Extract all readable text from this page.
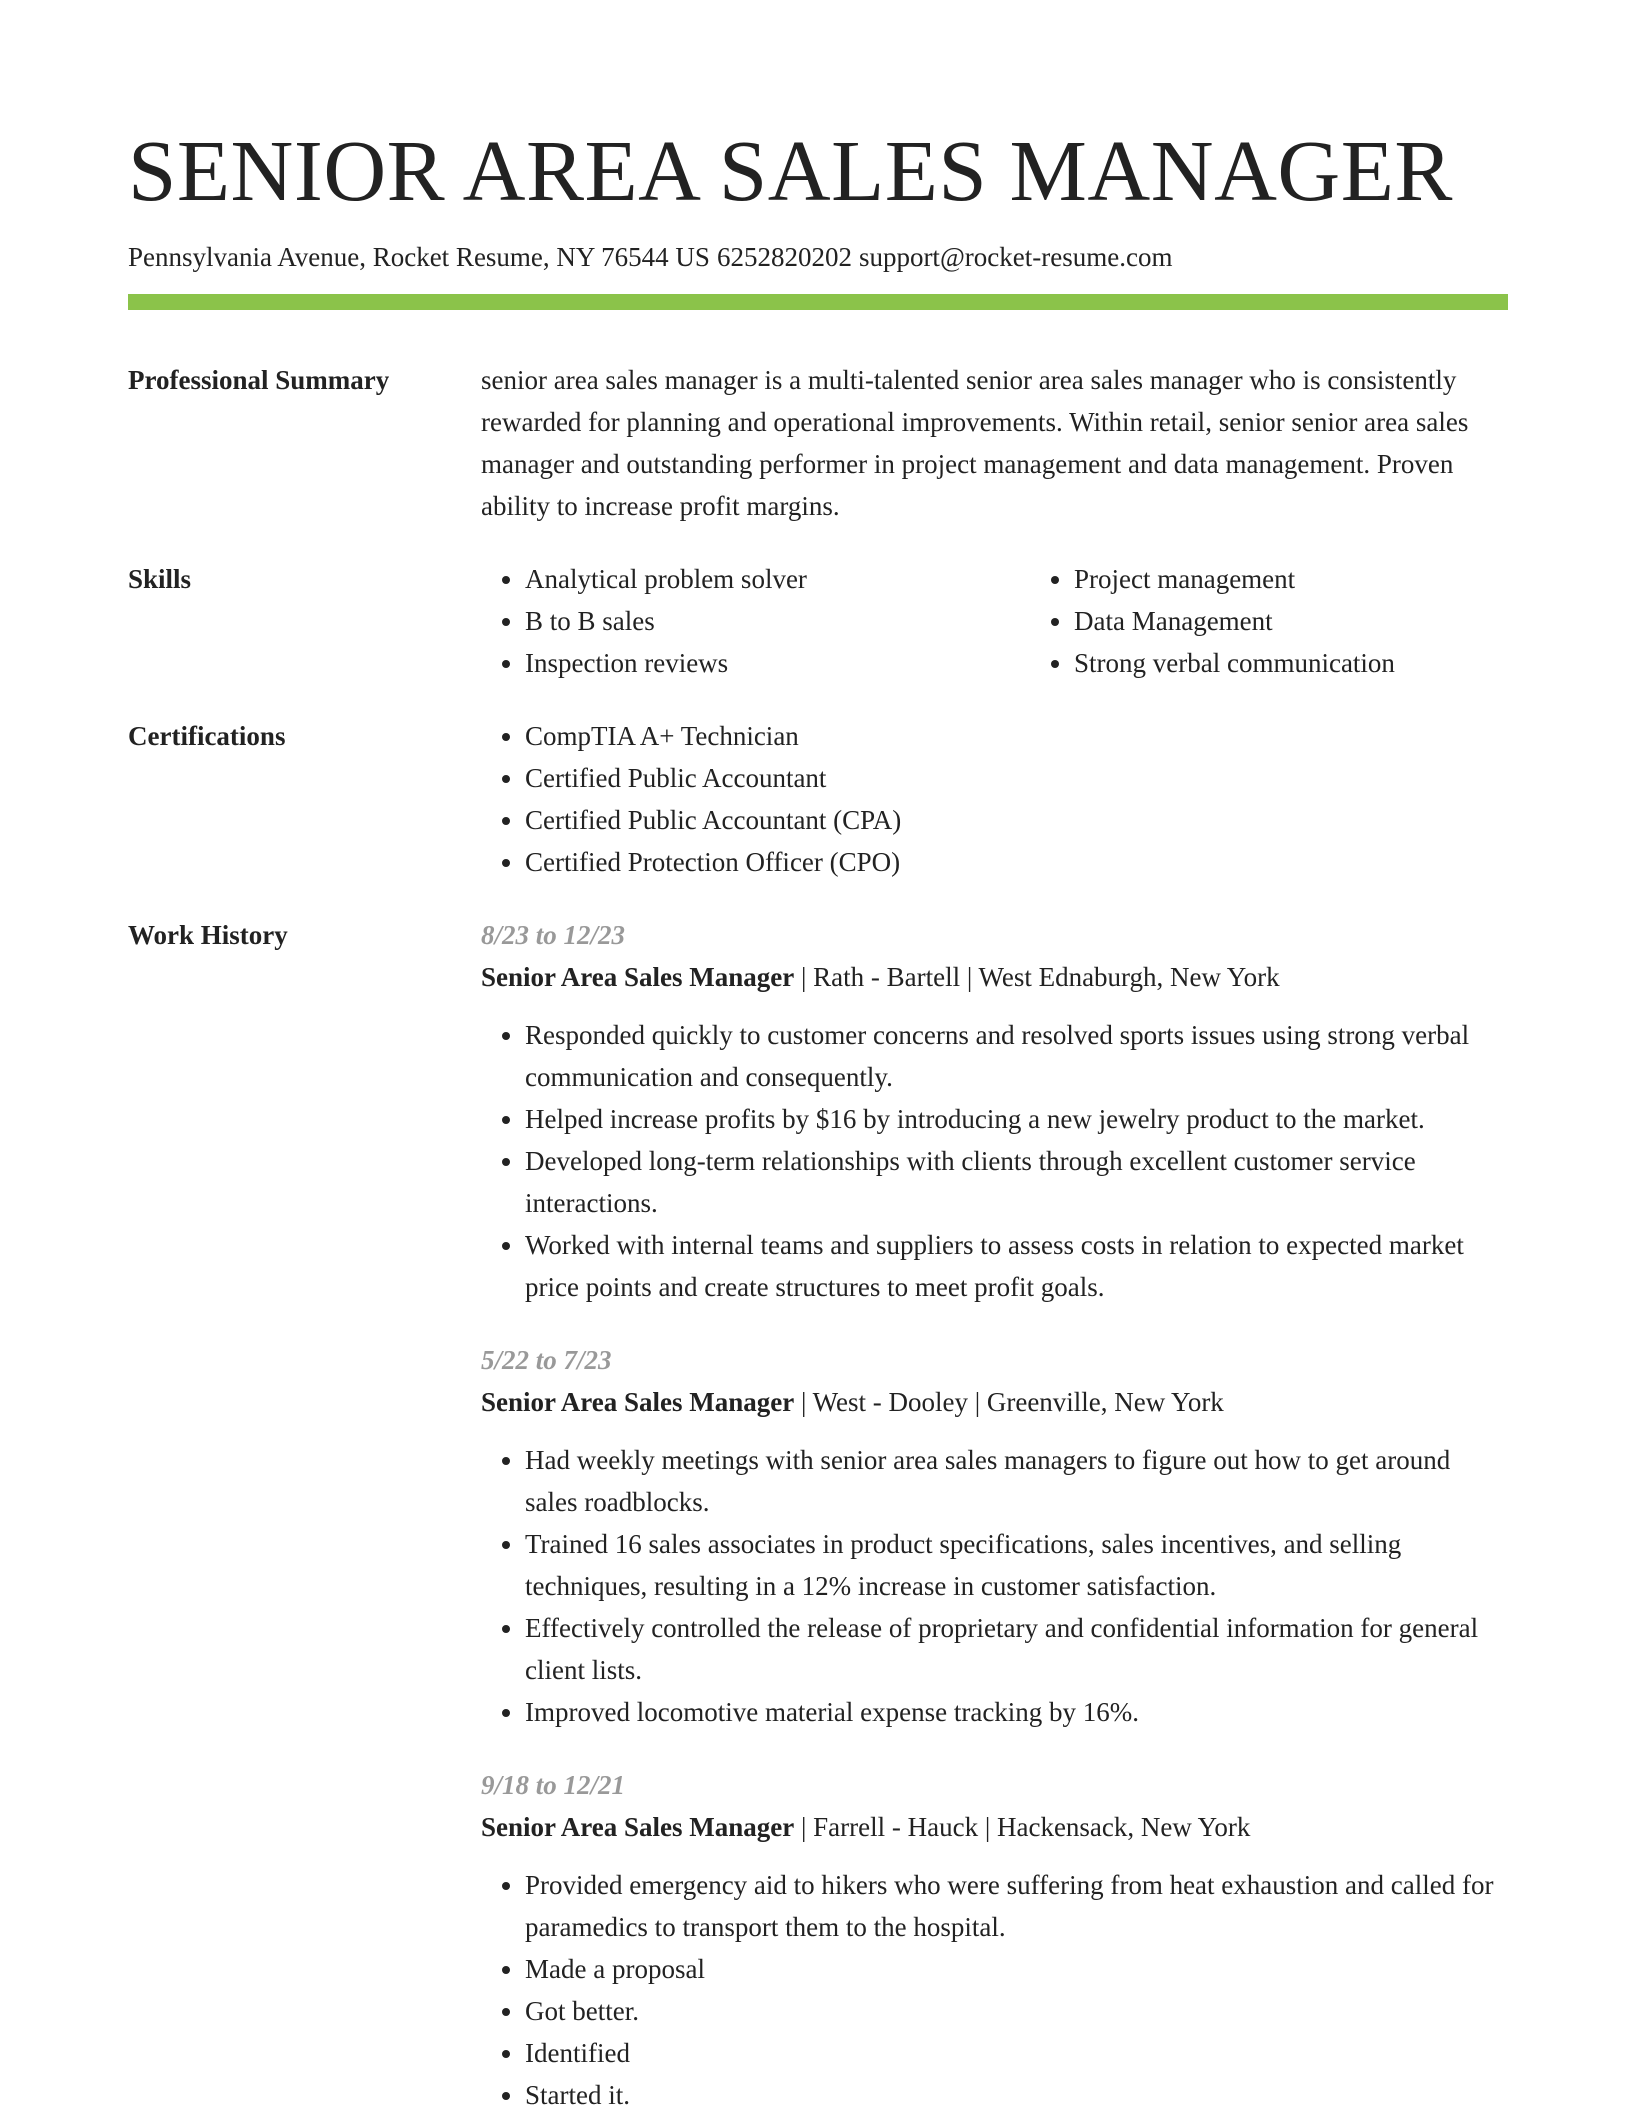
SENIOR AREA SALES MANAGER
Pennsylvania Avenue, Rocket Resume, NY 76544 US 6252820202 support@rocket-resume.com
Professional Summary	senior area sales manager is a multi-talented senior area sales manager who is consistently rewarded for planning and operational improvements. Within retail, senior senior area sales manager and outstanding performer in project management and data management. Proven ability to increase profit margins.

Skills	• Analytical problem solver
• B to B sales
• Inspection reviews
• Project management
• Data Management
• Strong verbal communication
Certifications	• CompTIA A+ Technician
• Certified Public Accountant
• Certified Public Accountant (CPA)
• Certified Protection Officer (CPO)
Work History	8/23 to 12/23
Senior Area Sales Manager | Rath - Bartell | West Ednaburgh, New York
• Responded quickly to customer concerns and resolved sports issues using strong verbal communication and consequently.
• Helped increase profits by $16 by introducing a new jewelry product to the market.
• Developed long-term relationships with clients through excellent customer service interactions.
• Worked with internal teams and suppliers to assess costs in relation to expected market price points and create structures to meet profit goals.
5/22 to 7/23
Senior Area Sales Manager | West - Dooley | Greenville, New York
• Had weekly meetings with senior area sales managers to figure out how to get around sales roadblocks.
• Trained 16 sales associates in product specifications, sales incentives, and selling techniques, resulting in a 12% increase in customer satisfaction.
• Effectively controlled the release of proprietary and confidential information for general client lists.
• Improved locomotive material expense tracking by 16%.
9/18 to 12/21
Senior Area Sales Manager | Farrell - Hauck | Hackensack, New York
• Provided emergency aid to hikers who were suffering from heat exhaustion and called for paramedics to transport them to the hospital.
• Made a proposal
• Got better.
• Identified
• Started it.
